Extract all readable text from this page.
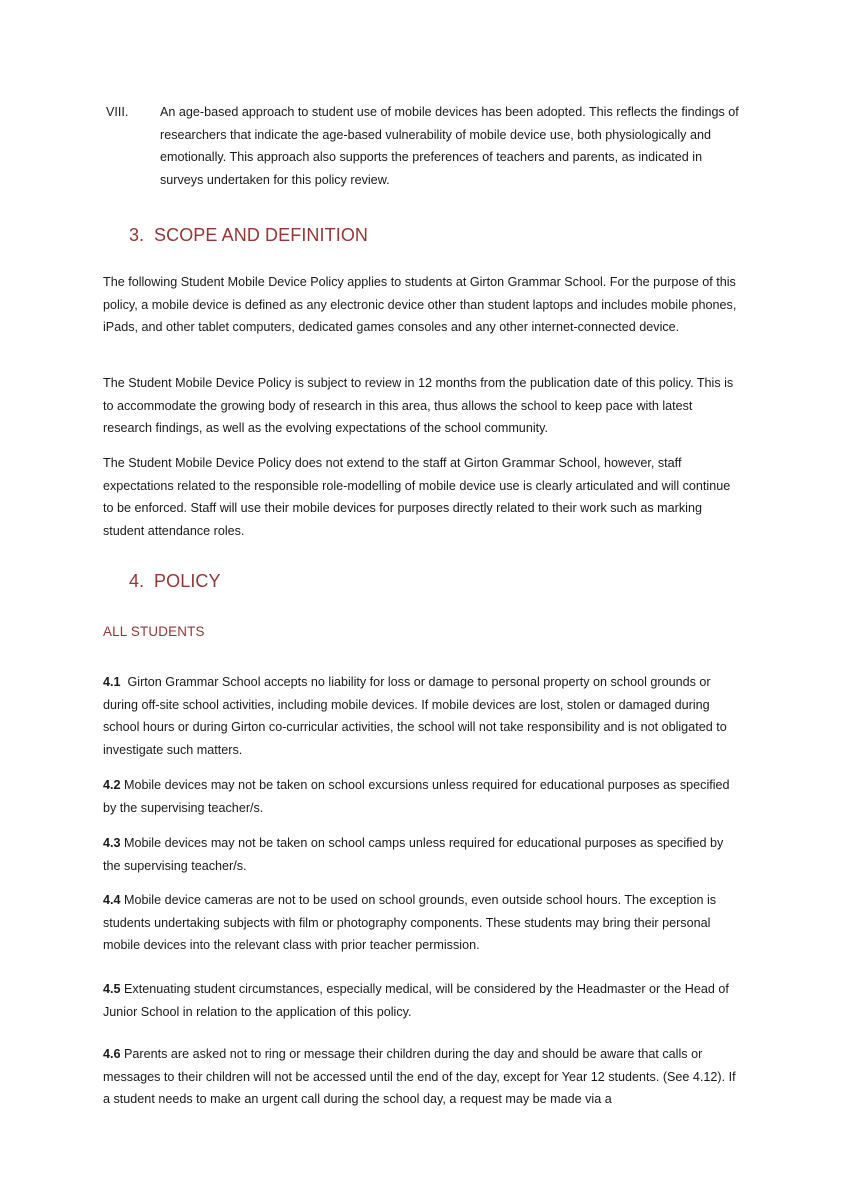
VIII.	An age-based approach to student use of mobile devices has been adopted. This reflects the findings of researchers that indicate the age-based vulnerability of mobile device use, both physiologically and emotionally. This approach also supports the preferences of teachers and parents, as indicated in surveys undertaken for this policy review.

3. SCOPE AND DEFINITION

The following Student Mobile Device Policy applies to students at Girton Grammar School. For the purpose of this policy, a mobile device is defined as any electronic device other than student laptops and includes mobile phones, iPads, and other tablet computers, dedicated games consoles and any other internet-connected device.

The Student Mobile Device Policy is subject to review in 12 months from the publication date of this policy. This is to accommodate the growing body of research in this area, thus allows the school to keep pace with latest research findings, as well as the evolving expectations of the school community.

The Student Mobile Device Policy does not extend to the staff at Girton Grammar School, however, staff expectations related to the responsible role-modelling of mobile device use is clearly articulated and will continue to be enforced. Staff will use their mobile devices for purposes directly related to their work such as marking student attendance roles.

4. POLICY
ALL STUDENTS

4.1 Girton Grammar School accepts no liability for loss or damage to personal property on school grounds or during off-site school activities, including mobile devices. If mobile devices are lost, stolen or damaged during school hours or during Girton co-curricular activities, the school will not take responsibility and is not obligated to investigate such matters.

4.2 Mobile devices may not be taken on school excursions unless required for educational purposes as specified by the supervising teacher/s.

4.3 Mobile devices may not be taken on school camps unless required for educational purposes as specified by the supervising teacher/s.

4.4 Mobile device cameras are not to be used on school grounds, even outside school hours. The exception is students undertaking subjects with film or photography components. These students may bring their personal mobile devices into the relevant class with prior teacher permission.

4.5 Extenuating student circumstances, especially medical, will be considered by the Headmaster or the Head of Junior School in relation to the application of this policy.

4.6 Parents are asked not to ring or message their children during the day and should be aware that calls or messages to their children will not be accessed until the end of the day, except for Year 12 students. (See 4.12). If a student needs to make an urgent call during the school day, a request may be made via a
